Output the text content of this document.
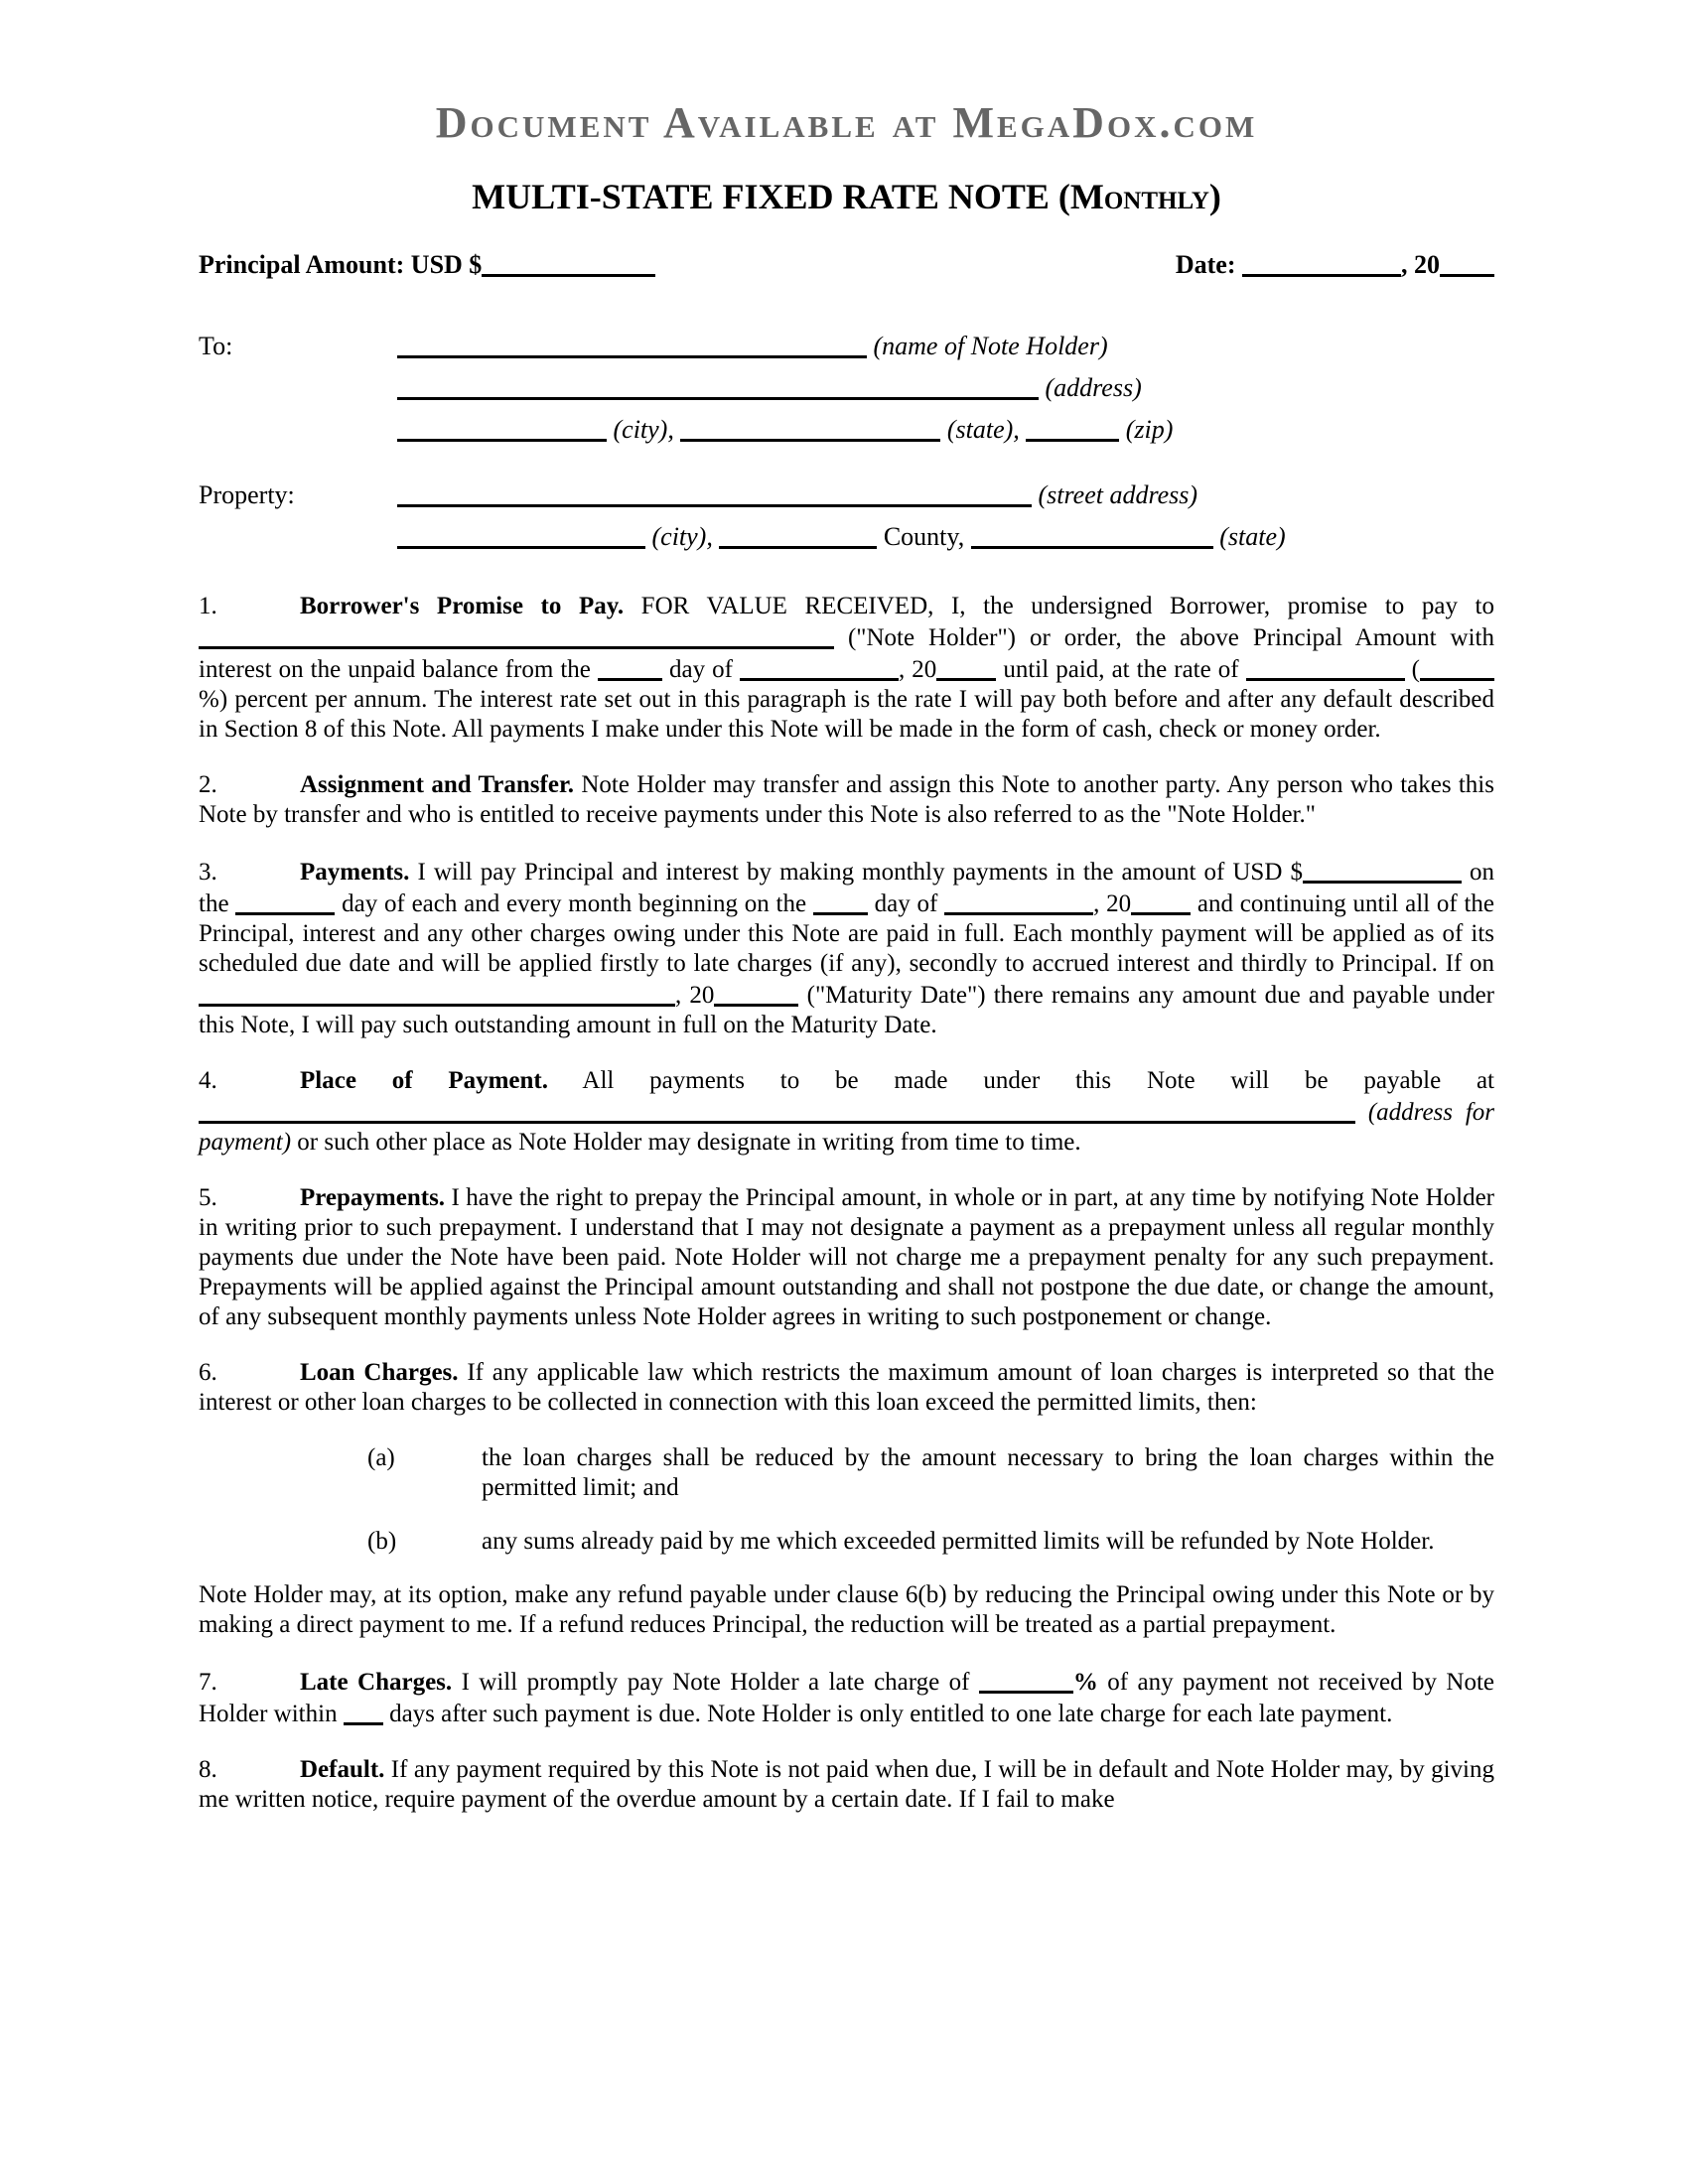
Document Available at MegaDox.com
MULTI-STATE FIXED RATE NOTE (Monthly)
Principal Amount: USD $	Date:	, 20
To:	(name of Note Holder)
(address)
(city),	(state),	(zip)
Property:	(street address)
(city),	County,	(state)

1.	Borrower's Promise to Pay. FOR VALUE RECEIVED, I, the undersigned Borrower, promise to pay to  ("Note Holder") or order, the above Principal Amount with interest on the unpaid balance from the	day of	, 20 until paid, at the rate of	(%) percent per annum. The interest rate set out in this paragraph is the rate I will pay both before and after any default described in Section 8 of this Note. All payments I make under this Note will be made in the form of cash, check or money order.

2.	Assignment and Transfer. Note Holder may transfer and assign this Note to another party. Any person who takes this Note by transfer and who is entitled to receive payments under this Note is also referred to as the "Note Holder."

3.	Payments. I will pay Principal and interest by making monthly payments in the amount of USD $	on the	day of each and every month beginning on the  day of	, 20 and continuing until all of the Principal, interest and any other charges owing under this Note are paid in full. Each monthly payment will be applied as of its scheduled due date and will be applied firstly to late charges (if any), secondly to accrued interest and thirdly to Principal. If on , 20	("Maturity Date") there remains any amount due and payable under this Note, I will pay such outstanding amount in full on the Maturity Date.

4.	Place of Payment. All payments to be made under this Note will be payable at  (address for payment) or such other place as Note Holder may designate in writing from time to time.

5.	Prepayments. I have the right to prepay the Principal amount, in whole or in part, at any time by notifying Note Holder in writing prior to such prepayment. I understand that I may not designate a payment as a prepayment unless all regular monthly payments due under the Note have been paid. Note Holder will not charge me a prepayment penalty for any such prepayment. Prepayments will be applied against the Principal amount outstanding and shall not postpone the due date, or change the amount, of any subsequent monthly payments unless Note Holder agrees in writing to such postponement or change.

6.	Loan Charges. If any applicable law which restricts the maximum amount of loan charges is interpreted so that the interest or other loan charges to be collected in connection with this loan exceed the permitted limits, then:

(a)	the loan charges shall be reduced by the amount necessary to bring the loan charges within the permitted limit; and

(b)	any sums already paid by me which exceeded permitted limits will be refunded by Note Holder.

Note Holder may, at its option, make any refund payable under clause 6(b) by reducing the Principal owing under this Note or by making a direct payment to me. If a refund reduces Principal, the reduction will be treated as a partial prepayment.

7.	Late Charges. I will promptly pay Note Holder a late charge of	% of any payment not received by Note Holder within  days after such payment is due. Note Holder is only entitled to one late charge for each late payment.

8.	Default. If any payment required by this Note is not paid when due, I will be in default and Note Holder may, by giving me written notice, require payment of the overdue amount by a certain date. If I fail to make
